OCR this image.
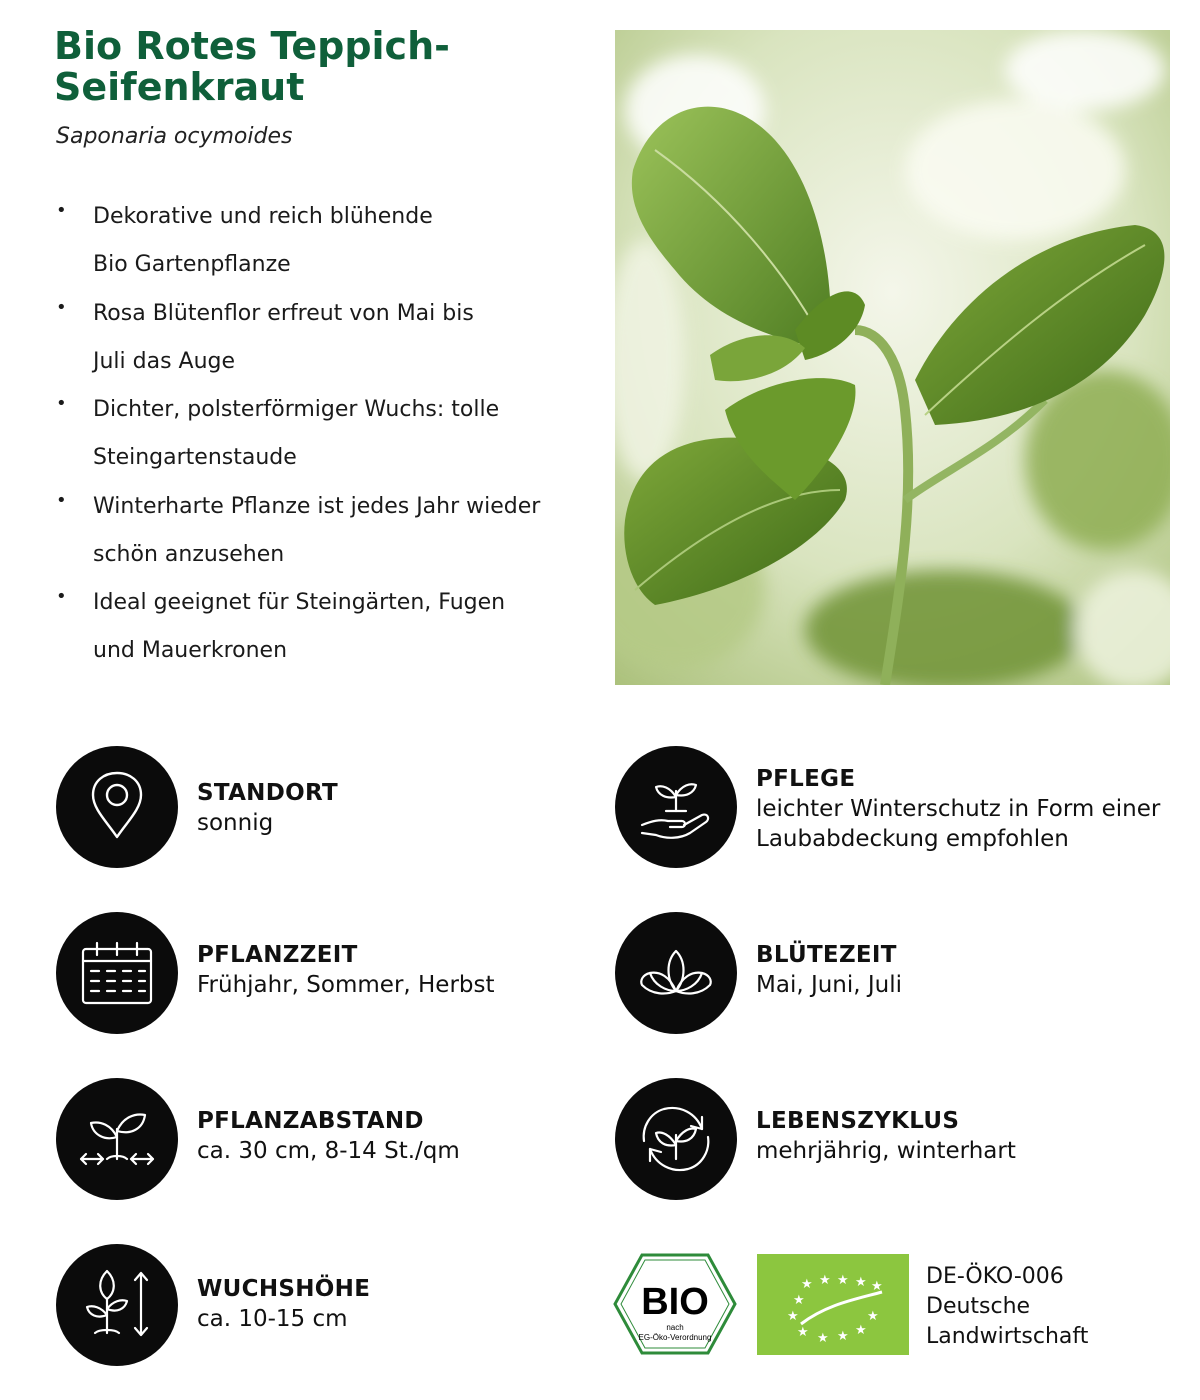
Bio Rotes Teppich-
Seifenkraut

Saponaria ocymoides

• Dekorative und reich blühende
Bio Gartenpflanze
• Rosa Blütenflor erfreut von Mai bis
Juli das Auge
• Dichter, polsterförmiger Wuchs: tolle
Steingartenstaude
• Winterharte Pflanze ist jedes Jahr wieder
schön anzusehen
• Ideal geeignet für Steingärten, Fugen
und Mauerkronen
STANDORT
sonnig
PFLEGE
leichter Winterschutz in Form einer
Laubabdeckung empfohlen
PFLANZZEIT
Frühjahr, Sommer, Herbst
BLÜTEZEIT
Mai, Juni, Juli
PFLANZABSTAND
ca. 30 cm, 8-14 St./qm
LEBENSZYKLUS
mehrjährig, winterhart
WUCHSHÖHE
ca. 10-15 cm	BIO
nach
EG-Öko-Verordnung
★ ★ ★ ★ ★
★
★
★ ★ ★ ★
★
DE-ÖKO-006
Deutsche
Landwirtschaft
